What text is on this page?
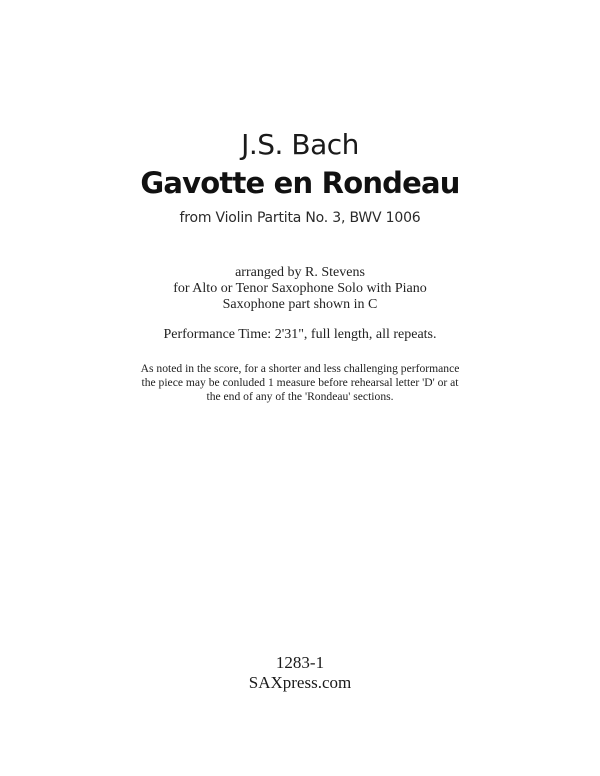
J.S. Bach
Gavotte en Rondeau
from Violin Partita No. 3, BWV 1006
arranged by R. Stevens
for Alto or Tenor Saxophone Solo with Piano
Saxophone part shown in C
Performance Time: 2'31", full length, all repeats.
As noted in the score, for a shorter and less challenging performance
the piece may be conluded 1 measure before rehearsal letter 'D' or at
the end of any of the 'Rondeau' sections.
1283-1
SAXpress.com
